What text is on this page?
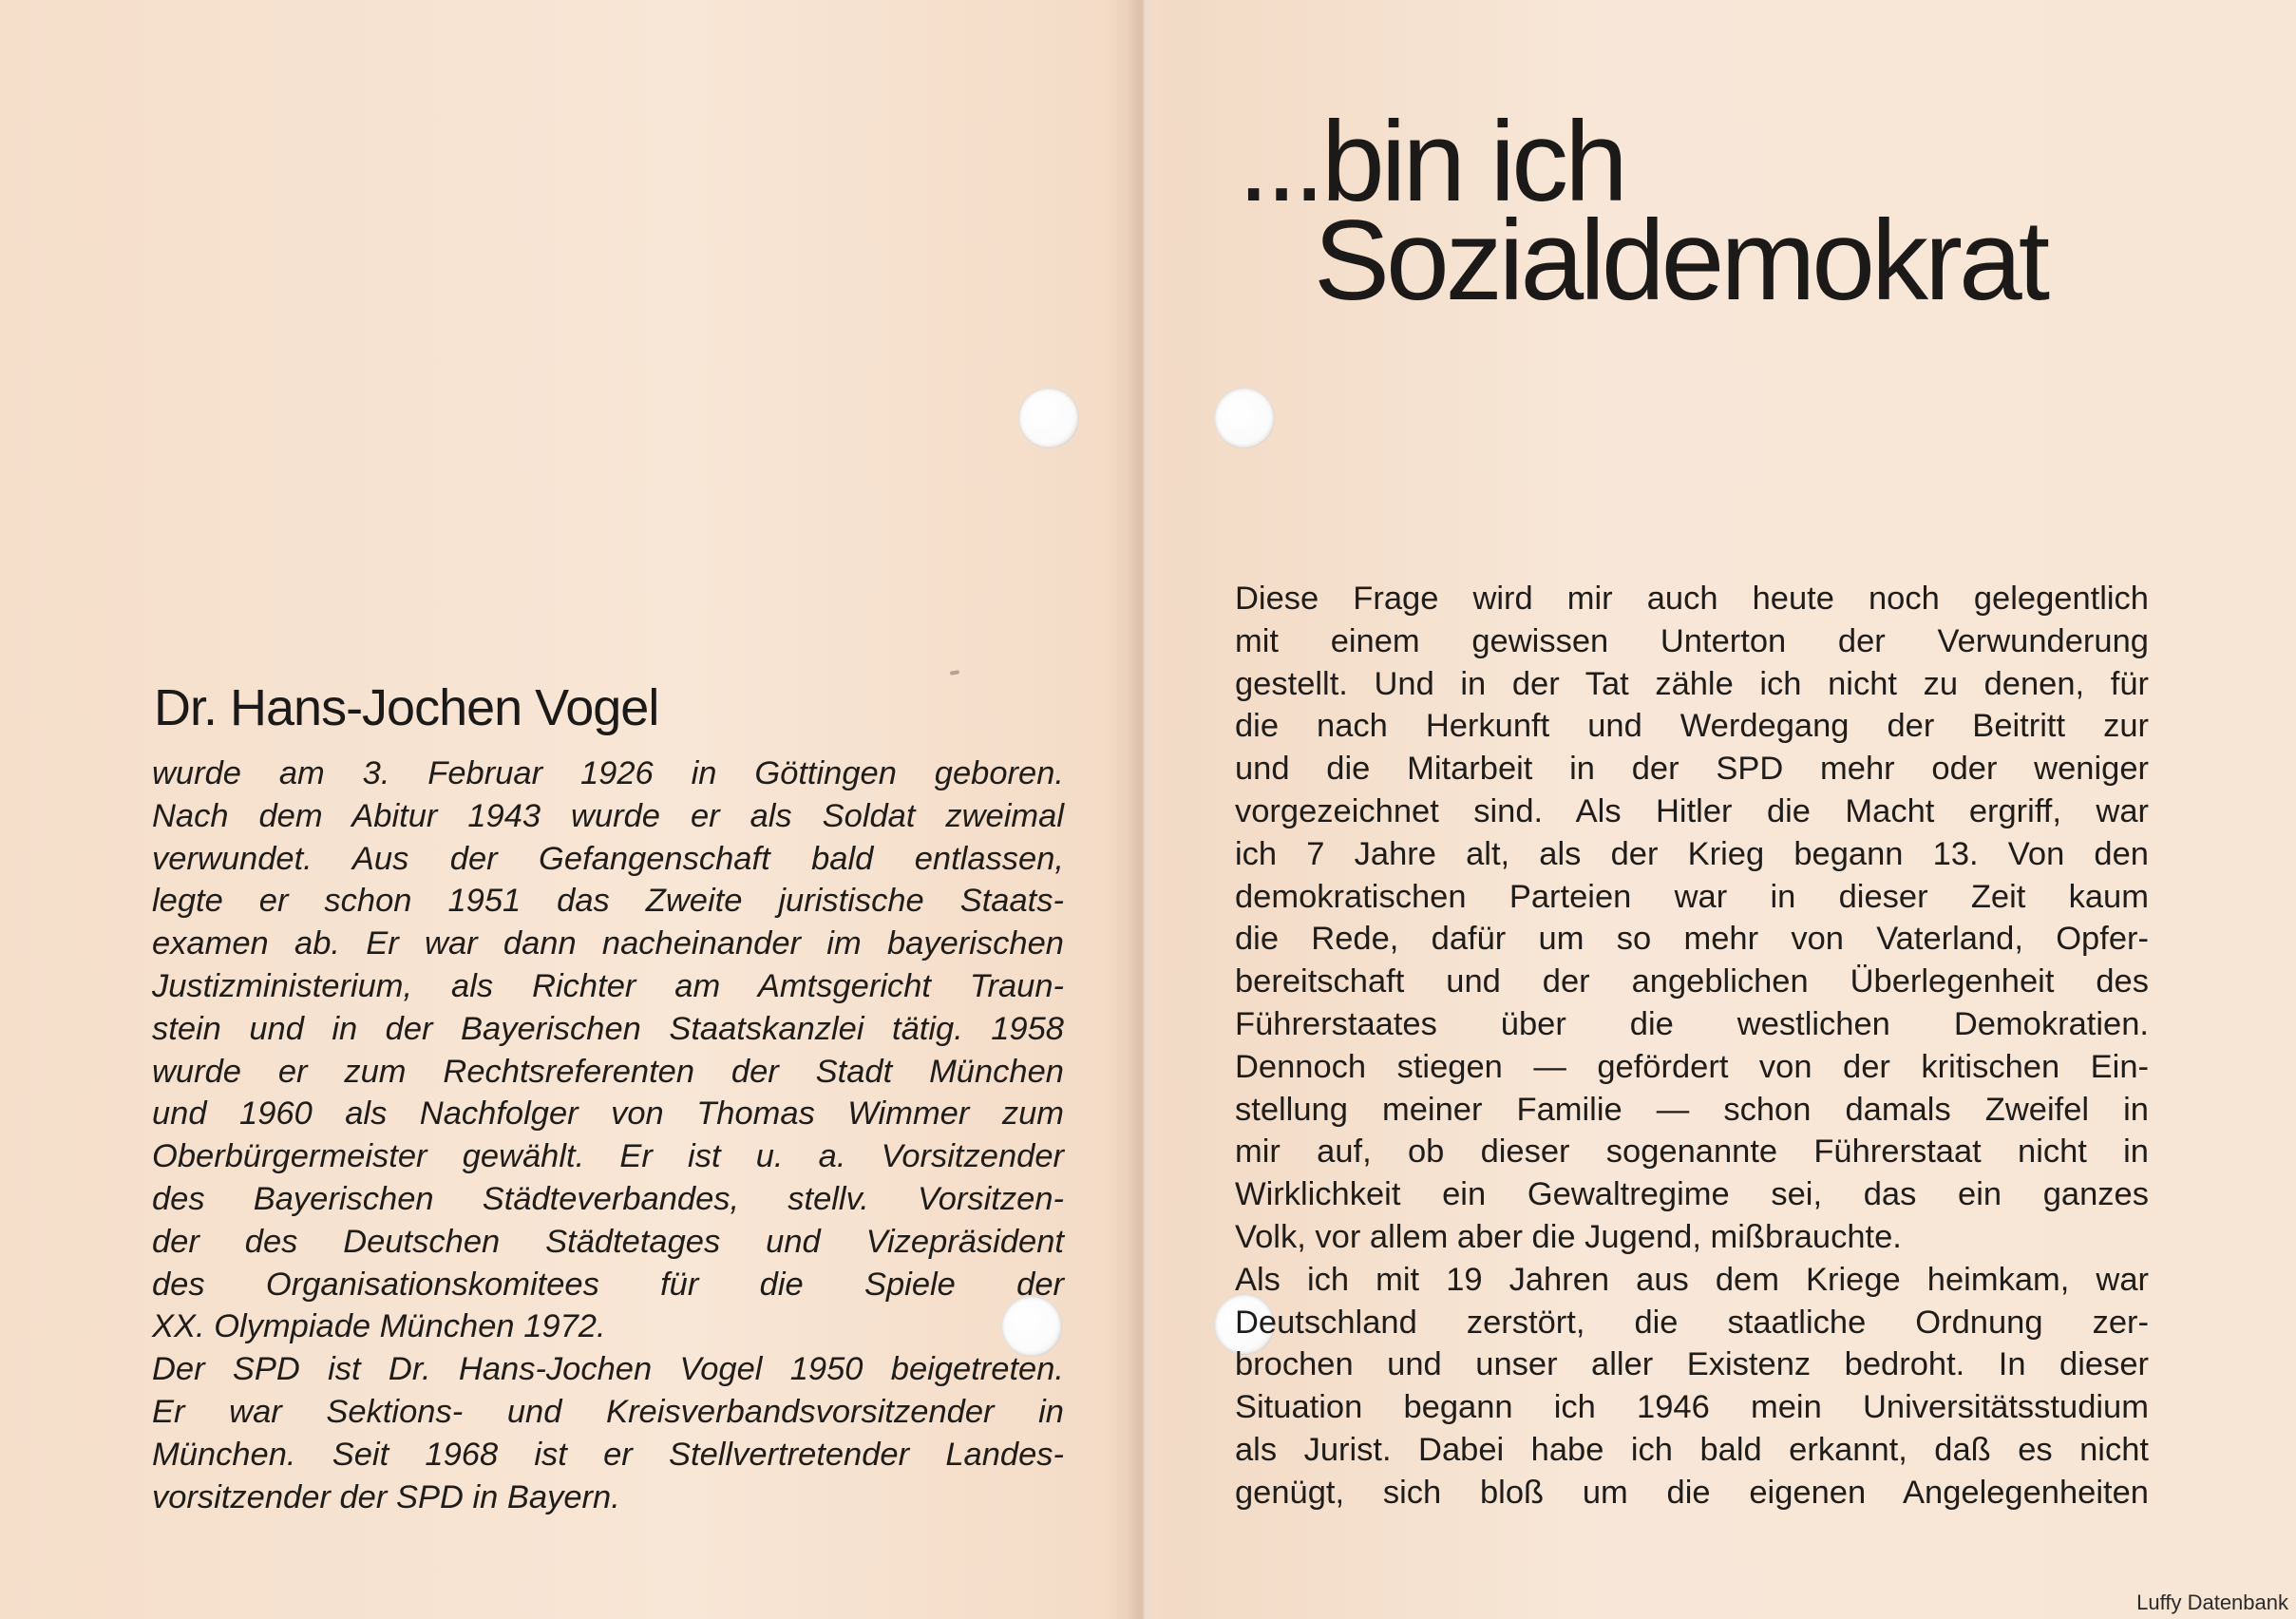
...bin ich
Sozialdemokrat
Dr. Hans-Jochen Vogel

wurde am 3. Februar 1926 in Göttingen geboren.
Nach dem Abitur 1943 wurde er als Soldat zweimal
verwundet. Aus der Gefangenschaft bald entlassen,
legte er schon 1951 das Zweite juristische Staats-
examen ab. Er war dann nacheinander im bayerischen
Justizministerium, als Richter am Amtsgericht Traun-
stein und in der Bayerischen Staatskanzlei tätig. 1958
wurde er zum Rechtsreferenten der Stadt München
und 1960 als Nachfolger von Thomas Wimmer zum
Oberbürgermeister gewählt. Er ist u. a. Vorsitzender
des Bayerischen Städteverbandes, stellv. Vorsitzen-
der des Deutschen Städtetages und Vizepräsident
des Organisationskomitees für die Spiele der
XX. Olympiade München 1972.
Der SPD ist Dr. Hans-Jochen Vogel 1950 beigetreten.
Er war Sektions- und Kreisverbandsvorsitzender in
München. Seit 1968 ist er Stellvertretender Landes-
vorsitzender der SPD in Bayern.

Diese Frage wird mir auch heute noch gelegentlich
mit einem gewissen Unterton der Verwunderung
gestellt. Und in der Tat zähle ich nicht zu denen, für
die nach Herkunft und Werdegang der Beitritt zur
und die Mitarbeit in der SPD mehr oder weniger
vorgezeichnet sind. Als Hitler die Macht ergriff, war
ich 7 Jahre alt, als der Krieg begann 13. Von den
demokratischen Parteien war in dieser Zeit kaum
die Rede, dafür um so mehr von Vaterland, Opfer-
bereitschaft und der angeblichen Überlegenheit des
Führerstaates über die westlichen Demokratien.
Dennoch stiegen — gefördert von der kritischen Ein-
stellung meiner Familie — schon damals Zweifel in
mir auf, ob dieser sogenannte Führerstaat nicht in
Wirklichkeit ein Gewaltregime sei, das ein ganzes
Volk, vor allem aber die Jugend, mißbrauchte.
Als ich mit 19 Jahren aus dem Kriege heimkam, war
Deutschland zerstört, die staatliche Ordnung zer-
brochen und unser aller Existenz bedroht. In dieser
Situation begann ich 1946 mein Universitätsstudium
als Jurist. Dabei habe ich bald erkannt, daß es nicht
genügt, sich bloß um die eigenen Angelegenheiten

Luffy Datenbank
